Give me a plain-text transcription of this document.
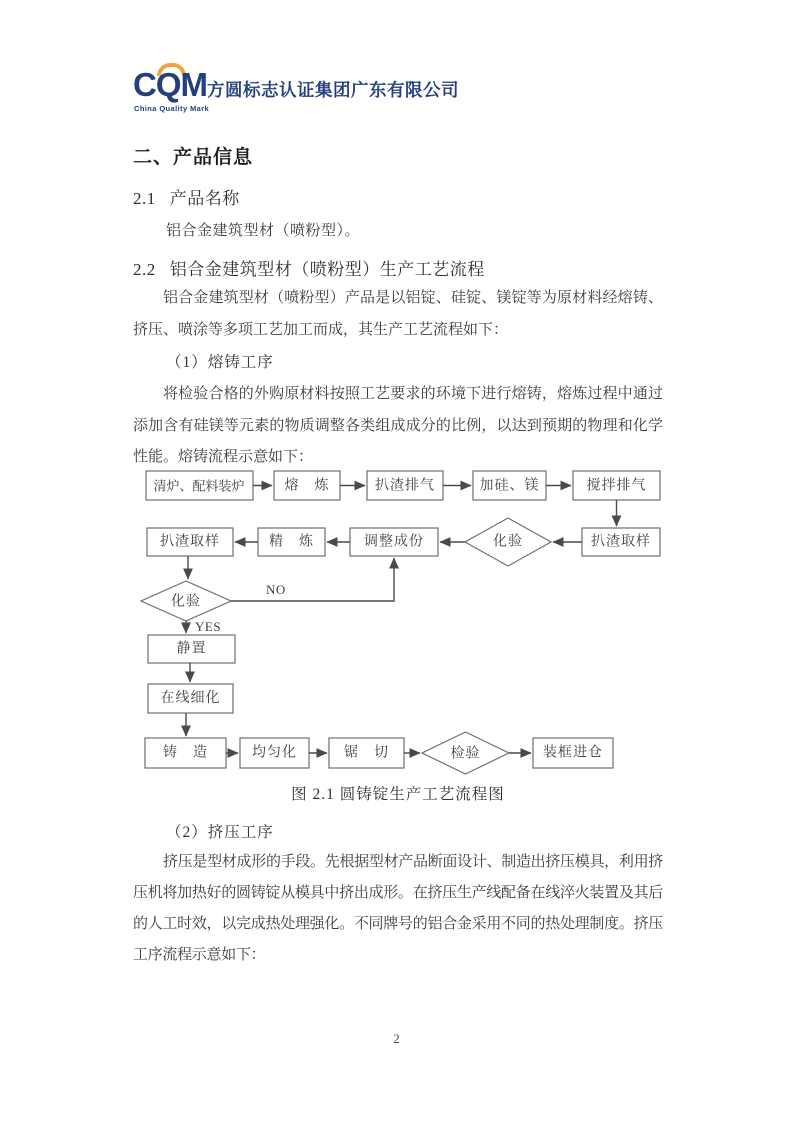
CQM
China Quality Mark
方圆标志认证集团广东有限公司
二、产品信息
2.1 产品名称
铝合金建筑型材（喷粉型）。
2.2 铝合金建筑型材（喷粉型）生产工艺流程
铝合金建筑型材（喷粉型）产品是以铝锭、硅锭、镁锭等为原材料经熔铸、挤压、喷涂等多项工艺加工而成，其生产工艺流程如下：
（1）熔铸工序
将检验合格的外购原材料按照工艺要求的环境下进行熔铸，熔炼过程中通过添加含有硅镁等元素的物质调整各类组成成分的比例，以达到预期的物理和化学性能。熔铸流程示意如下：
清炉、配料装炉	熔　炼	扒渣排气	加硅、镁	搅拌排气
扒渣取样	精　炼	调整成份	化验	扒渣取样
化验
静置
在线细化
铸　造	均匀化	锯　切	检验	装框进仓
NO
YES
图 2.1 圆铸锭生产工艺流程图
（2）挤压工序
挤压是型材成形的手段。先根据型材产品断面设计、制造出挤压模具，利用挤压机将加热好的圆铸锭从模具中挤出成形。在挤压生产线配备在线淬火装置及其后的人工时效，以完成热处理强化。不同牌号的铝合金采用不同的热处理制度。挤压工序流程示意如下：
2
